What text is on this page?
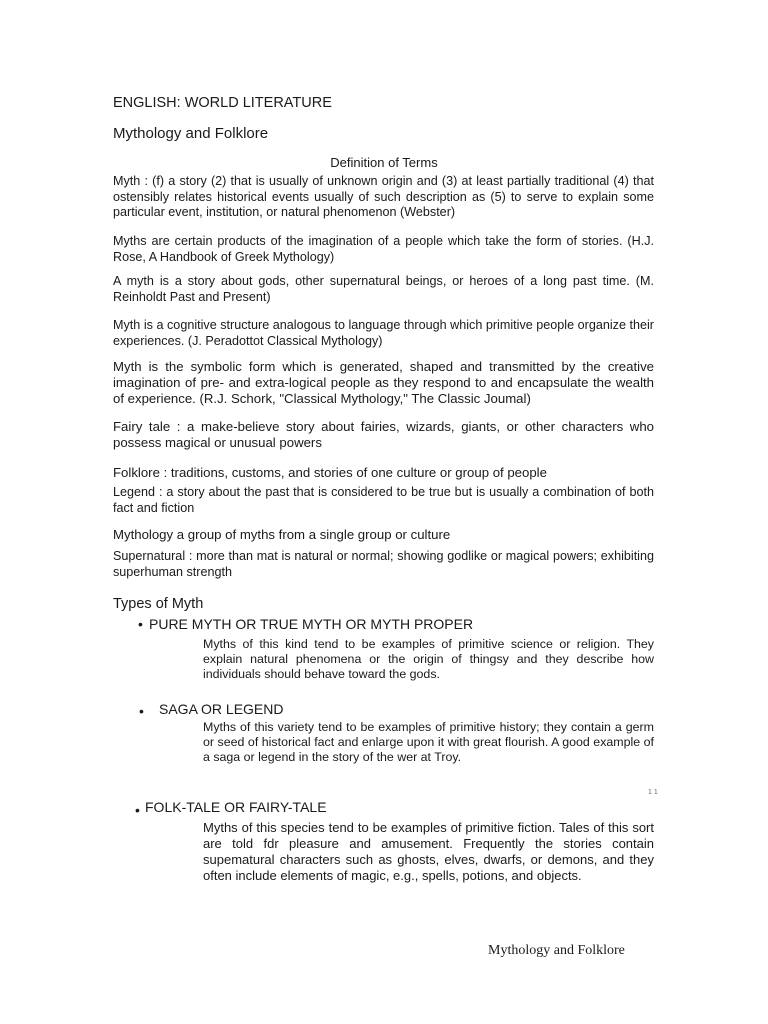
ENGLISH: WORLD LITERATURE

Mythology and Folklore

Definition of Terms

Myth : (f) a story (2) that is usually of unknown origin and (3) at least partially traditional (4) that ostensibly relates historical events usually of such description as (5) to serve to explain some particular event, institution, or natural phenomenon (Webster)

Myths are certain products of the imagination of a people which take the form of stories. (H.J. Rose, A Handbook of Greek Mythology)

A myth is a story about gods, other supernatural beings, or heroes of a long past time. (M. Reinholdt Past and Present)

Myth is a cognitive structure analogous to language through which primitive people organize their experiences. (J. Peradottot Classical Mythology)

Myth is the symbolic form which is generated, shaped and transmitted by the creative imagination of pre- and extra-logical people as they respond to and encapsulate the wealth of experience. (R.J. Schork, "Classical Mythology," The Classic Joumal)

Fairy tale : a make-believe story about fairies, wizards, giants, or other characters who possess magical or unusual powers

Folklore : traditions, customs, and stories of one culture or group of people

Legend : a story about the past that is considered to be true but is usually a combination of both fact and fiction

Mythology a group of myths from a single group or culture

Supernatural : more than mat is natural or normal; showing godlike or magical powers; exhibiting superhuman strength

Types of Myth

• PURE MYTH OR TRUE MYTH OR MYTH PROPER

Myths of this kind tend to be examples of primitive science or religion. They explain natural phenomena or the origin of thingsy and they describe how individuals should behave toward the gods.

• SAGA OR LEGEND

Myths of this variety tend to be examples of primitive history; they contain a germ or seed of historical fact and enlarge upon it with great flourish. A good example of a saga or legend in the story of the wer at Troy.

1 1
• FOLK-TALE OR FAIRY-TALE

Myths of this species tend to be examples of primitive fiction. Tales of this sort are told fdr pleasure and amusement. Frequently the stories contain supematural characters such as ghosts, elves, dwarfs, or demons, and they often include elements of magic, e.g., spells, potions, and objects.

Mythology and Folklore
